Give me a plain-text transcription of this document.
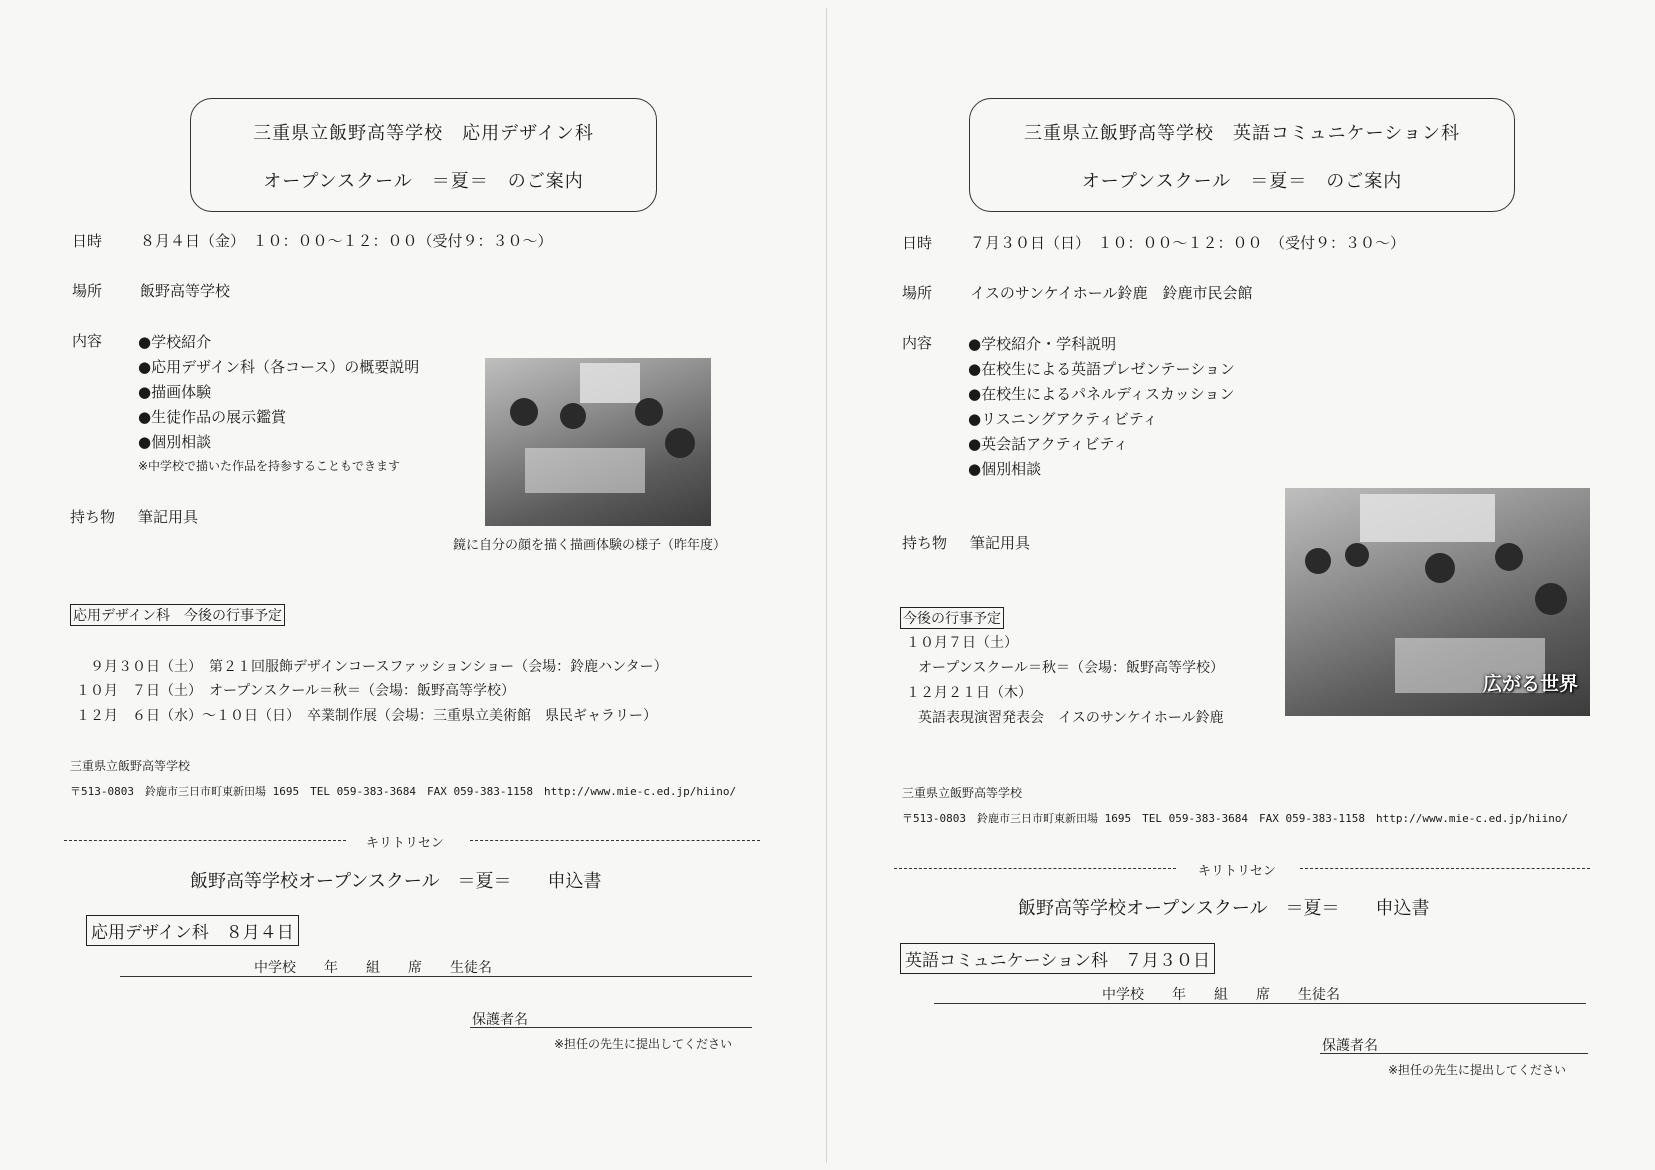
三重県立飯野高等学校　応用デザイン科
オープンスクール　＝夏＝　のご案内
日時	８月４日（金）　１０：００〜１２：００（受付９：３０〜）
場所	飯野高等学校
内容 ●学校紹介
●応用デザイン科（各コース）の概要説明
●描画体験
●生徒作品の展示鑑賞
●個別相談
※中学校で描いた作品を持参することもできます
鏡に自分の顔を描く描画体験の様子（昨年度）
持ち物 筆記用具
応用デザイン科　今後の行事予定
９月３０日（土）　第２１回服飾デザインコースファッションショー（会場：鈴鹿ハンター）
１０月　７日（土）　オープンスクール＝秋＝（会場：飯野高等学校）
１２月　６日（水）〜１０日（日）　卒業制作展（会場：三重県立美術館　県民ギャラリー）
三重県立飯野高等学校
〒513-0803　鈴鹿市三日市町東新田場 1695　TEL 059-383-3684　FAX 059-383-1158　http://www.mie-c.ed.jp/hiino/
キリトリセン
飯野高等学校オープンスクール　＝夏＝　　申込書
応用デザイン科　８月４日
中学校　　年　　組　　席　　生徒名
保護者名
※担任の先生に提出してください
三重県立飯野高等学校　英語コミュニケーション科
オープンスクール　＝夏＝　のご案内
日時	７月３０日（日）　１０：００〜１２：００　（受付９：３０〜）
場所	イスのサンケイホール鈴鹿　鈴鹿市民会館
内容 ●学校紹介・学科説明
●在校生による英語プレゼンテーション
●在校生によるパネルディスカッション
●リスニングアクティビティ
●英会話アクティビティ
●個別相談
広がる世界
持ち物 筆記用具
今後の行事予定
１０月７日（土）
オープンスクール＝秋＝（会場：飯野高等学校）
１２月２１日（木）
英語表現演習発表会　イスのサンケイホール鈴鹿
三重県立飯野高等学校
〒513-0803　鈴鹿市三日市町東新田場 1695　TEL 059-383-3684　FAX 059-383-1158　http://www.mie-c.ed.jp/hiino/
キリトリセン
飯野高等学校オープンスクール　＝夏＝　　申込書
英語コミュニケーション科　７月３０日
中学校　　年　　組　　席　　生徒名
保護者名
※担任の先生に提出してください
